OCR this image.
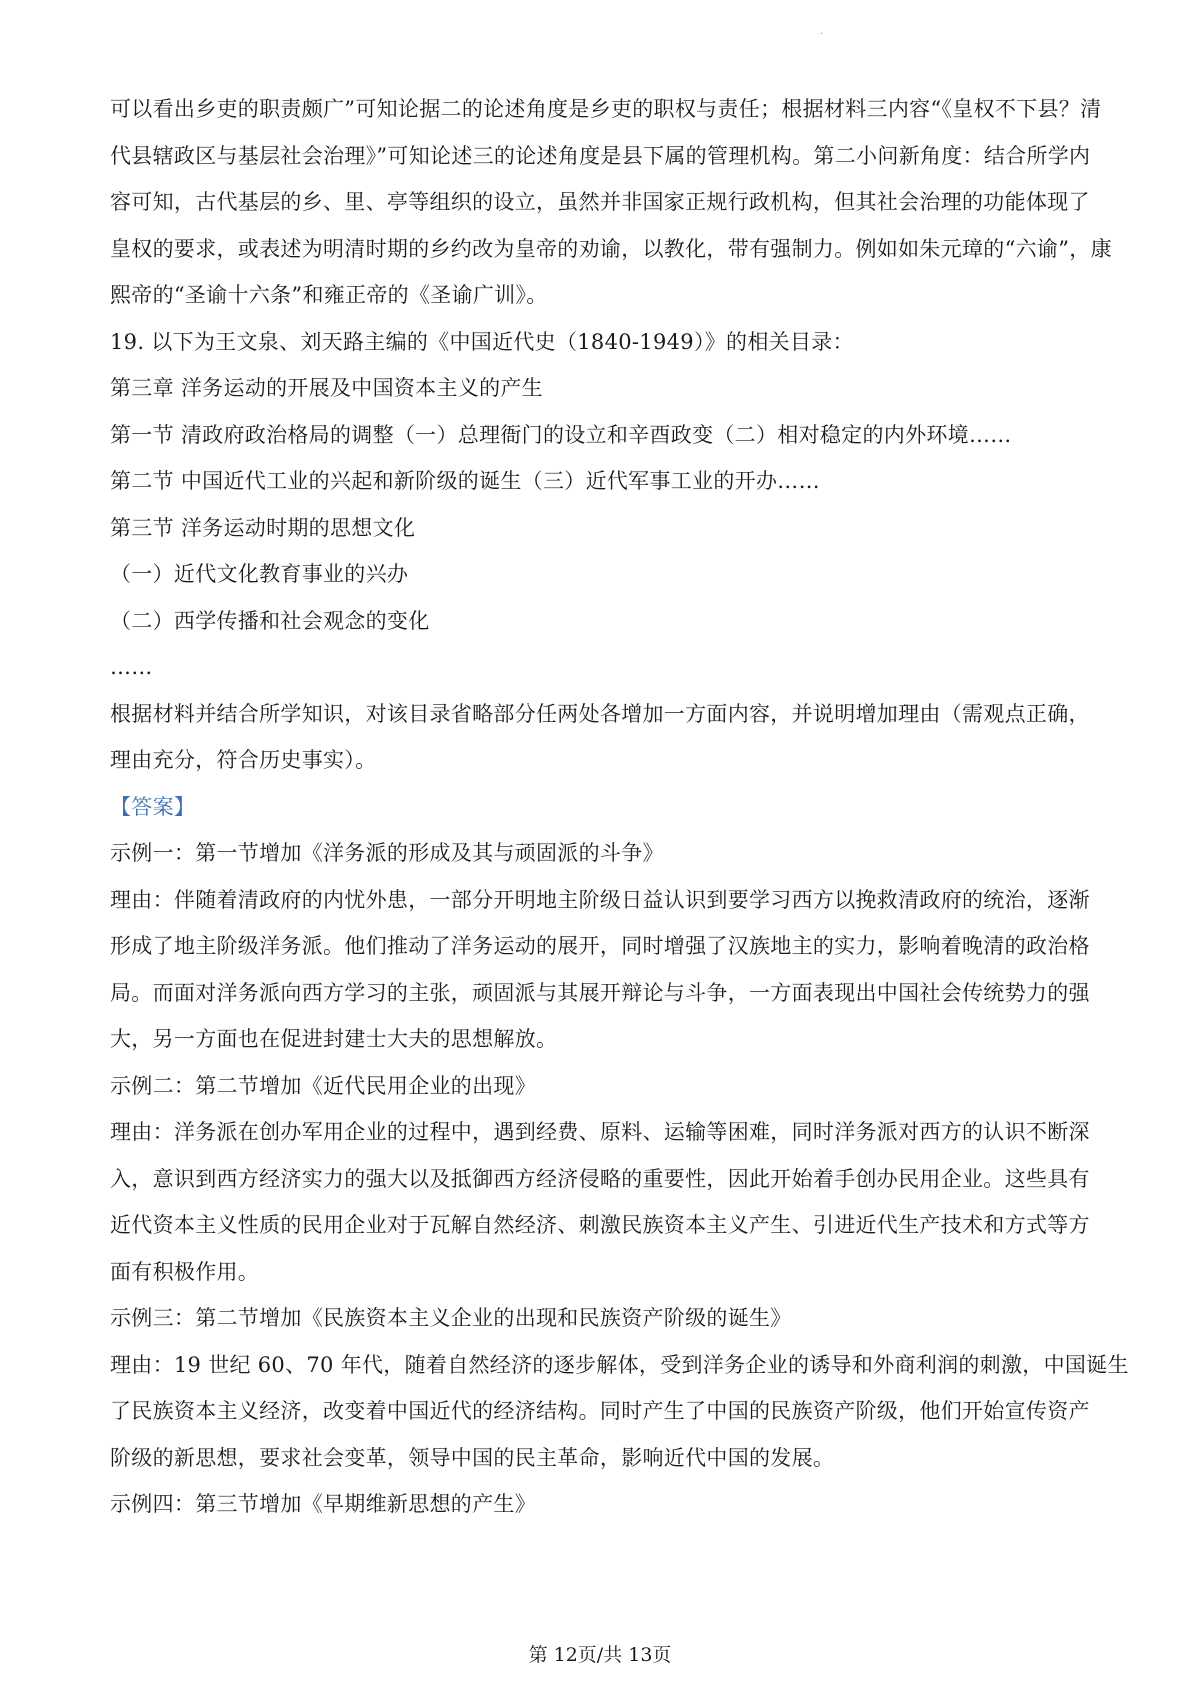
.
可以看出乡吏的职责颇广”可知论据二的论述角度是乡吏的职权与责任；根据材料三内容“《皇权不下县？清
代县辖政区与基层社会治理》”可知论述三的论述角度是县下属的管理机构。第二小问新角度：结合所学内
容可知，古代基层的乡、里、亭等组织的设立，虽然并非国家正规行政机构，但其社会治理的功能体现了
皇权的要求，或表述为明清时期的乡约改为皇帝的劝谕，以教化，带有强制力。例如如朱元璋的“六谕”，康
熙帝的“圣谕十六条”和雍正帝的《圣谕广训》。
19. 以下为王文泉、刘天路主编的《中国近代史（1840-1949）》的相关目录：
第三章 洋务运动的开展及中国资本主义的产生
第一节 清政府政治格局的调整（一）总理衙门的设立和辛酉政变（二）相对稳定的内外环境……
第二节 中国近代工业的兴起和新阶级的诞生（三）近代军事工业的开办……
第三节 洋务运动时期的思想文化
（一）近代文化教育事业的兴办
（二）西学传播和社会观念的变化
……
根据材料并结合所学知识，对该目录省略部分任两处各增加一方面内容，并说明增加理由（需观点正确，
理由充分，符合历史事实）。
【答案】
示例一：第一节增加《洋务派的形成及其与顽固派的斗争》
理由：伴随着清政府的内忧外患，一部分开明地主阶级日益认识到要学习西方以挽救清政府的统治，逐渐
形成了地主阶级洋务派。他们推动了洋务运动的展开，同时增强了汉族地主的实力，影响着晚清的政治格
局。而面对洋务派向西方学习的主张，顽固派与其展开辩论与斗争，一方面表现出中国社会传统势力的强
大，另一方面也在促进封建士大夫的思想解放。
示例二：第二节增加《近代民用企业的出现》
理由：洋务派在创办军用企业的过程中，遇到经费、原料、运输等困难，同时洋务派对西方的认识不断深
入，意识到西方经济实力的强大以及抵御西方经济侵略的重要性，因此开始着手创办民用企业。这些具有
近代资本主义性质的民用企业对于瓦解自然经济、刺激民族资本主义产生、引进近代生产技术和方式等方
面有积极作用。
示例三：第二节增加《民族资本主义企业的出现和民族资产阶级的诞生》
理由：19 世纪 60、70 年代，随着自然经济的逐步解体，受到洋务企业的诱导和外商利润的刺激，中国诞生
了民族资本主义经济，改变着中国近代的经济结构。同时产生了中国的民族资产阶级，他们开始宣传资产
阶级的新思想，要求社会变革，领导中国的民主革命，影响近代中国的发展。
示例四：第三节增加《早期维新思想的产生》
第 12页/共 13页
